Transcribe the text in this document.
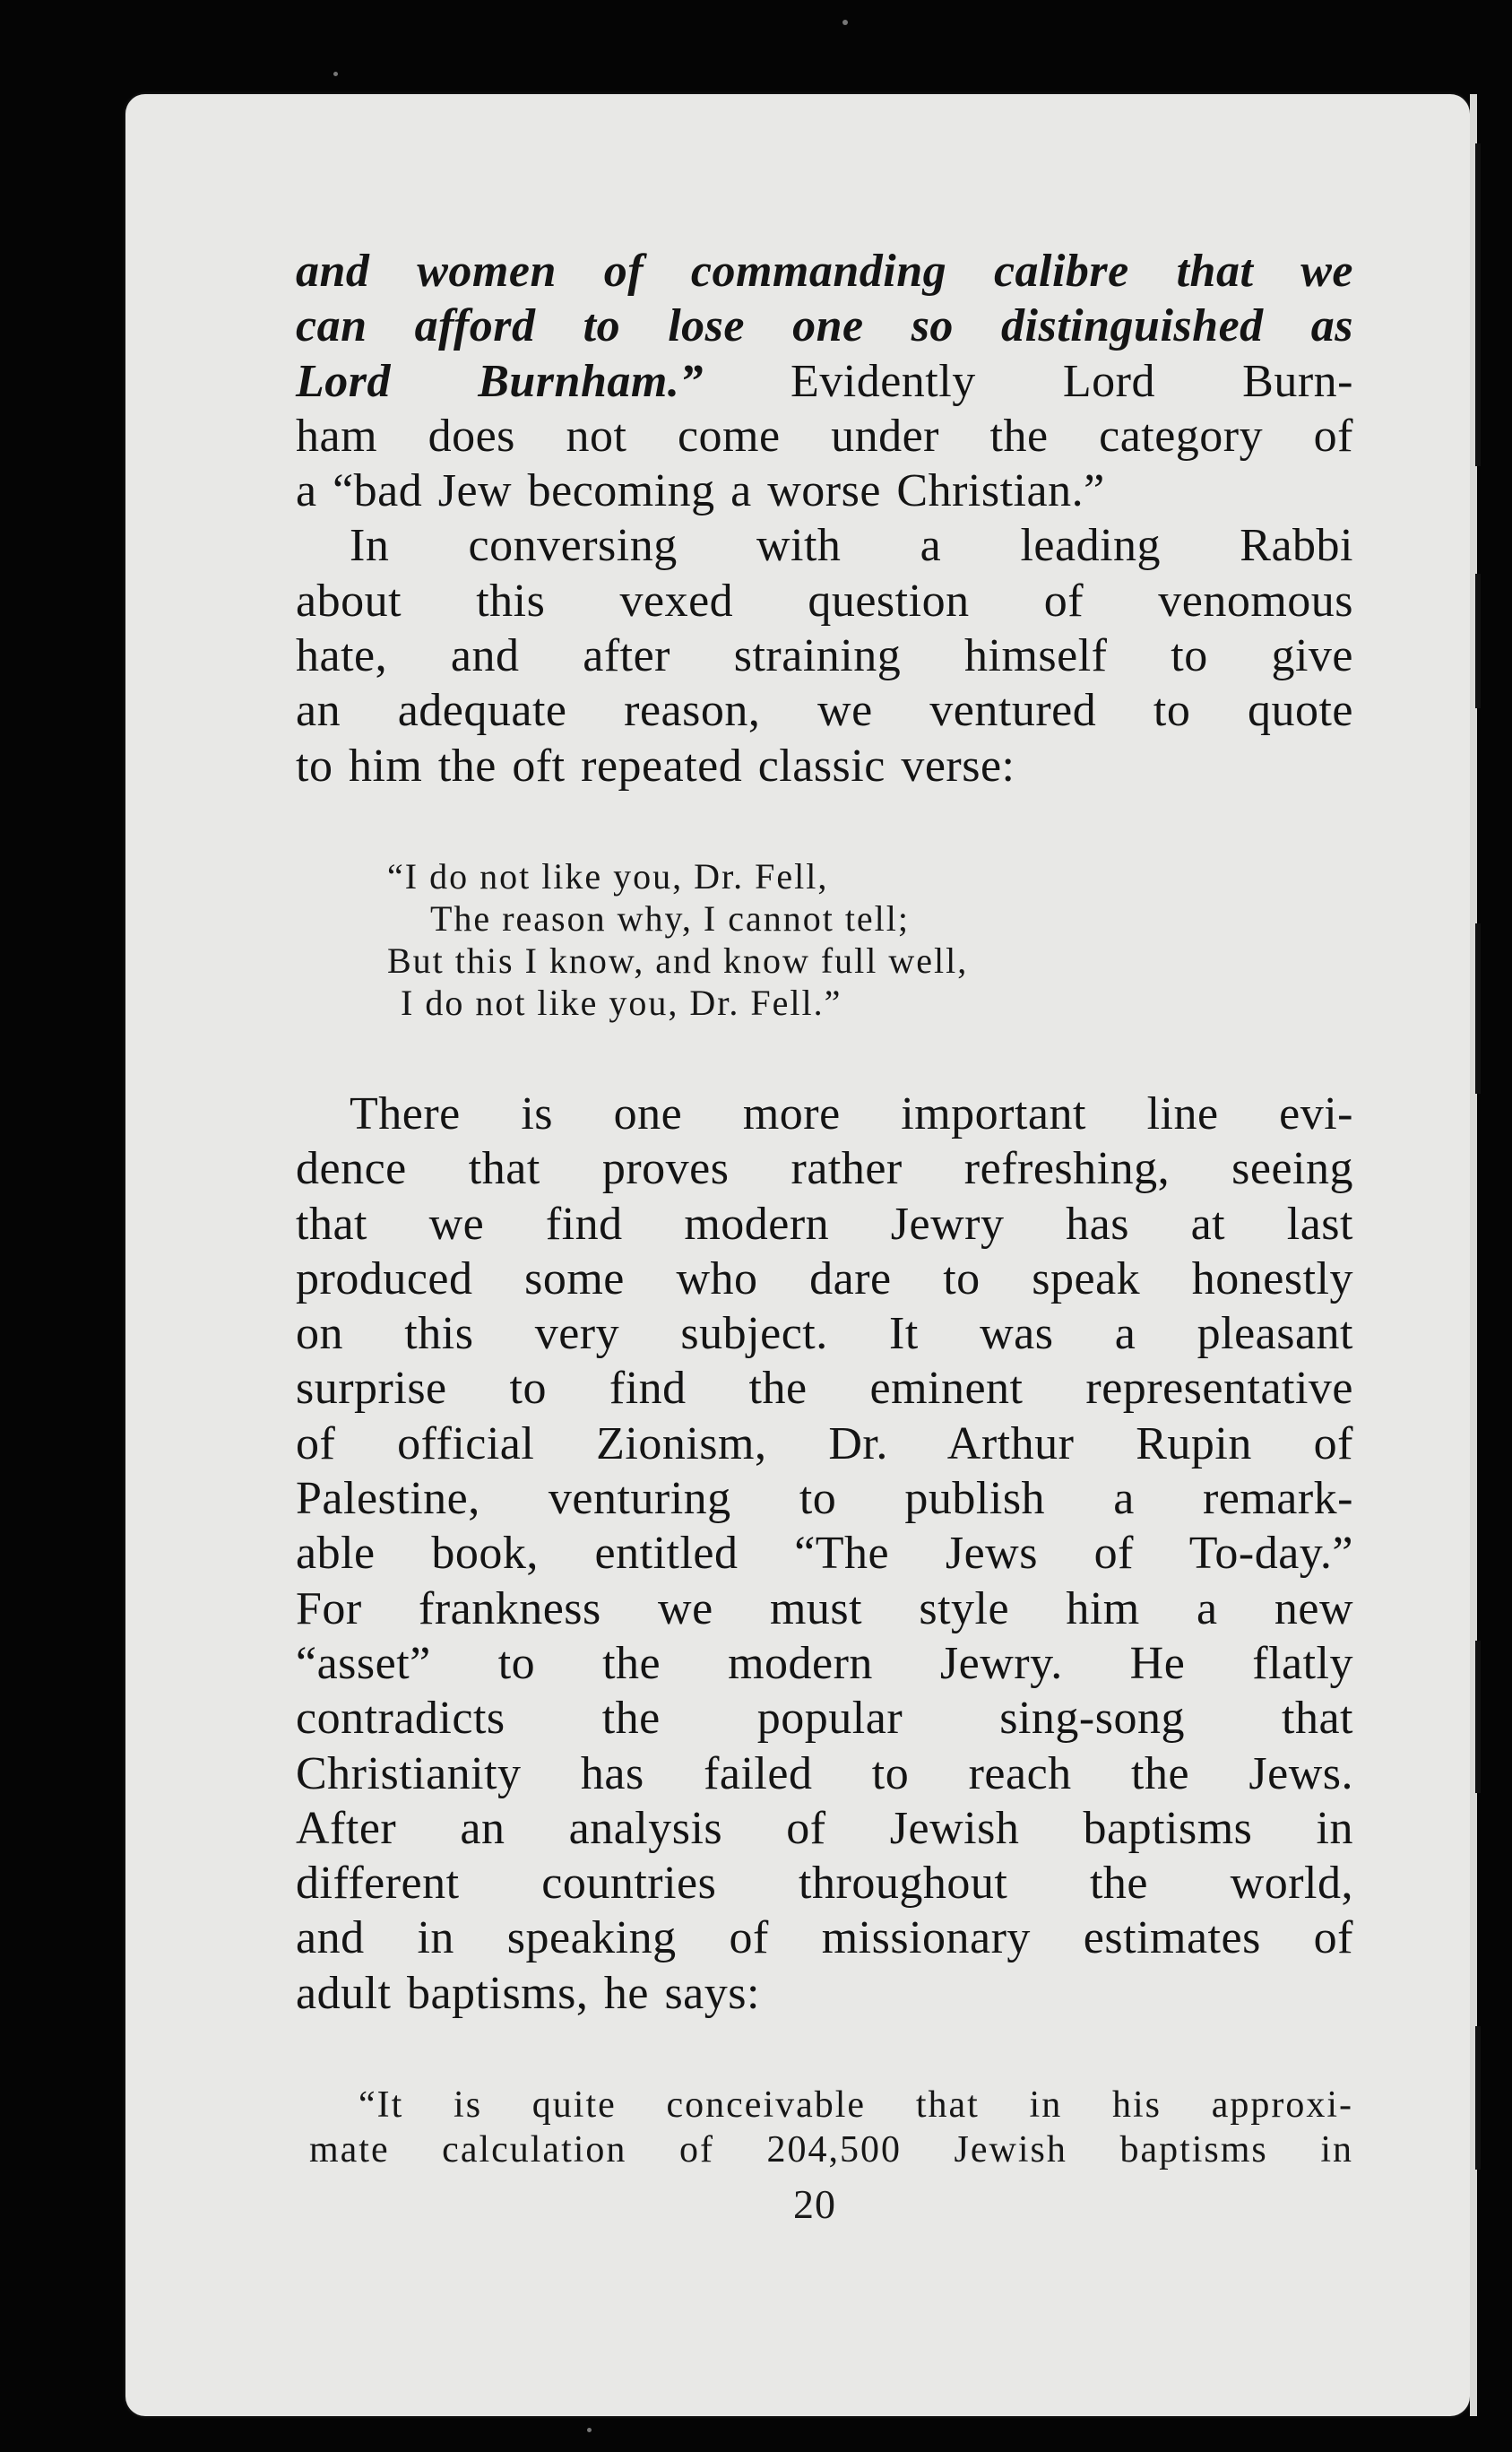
and women of commanding calibre that we
can afford to lose one so distinguished as
Lord Burnham.” Evidently Lord Burn-
ham does not come under the category of
a “bad Jew becoming a worse Christian.”
In conversing with a leading Rabbi
about this vexed question of venomous
hate, and after straining himself to give
an adequate reason, we ventured to quote
to him the oft repeated classic verse:
“I do not like you, Dr. Fell,
The reason why, I cannot tell;
But this I know, and know full well,
I do not like you, Dr. Fell.”
There is one more important line evi-
dence that proves rather refreshing, seeing
that we find modern Jewry has at last
produced some who dare to speak honestly
on this very subject. It was a pleasant
surprise to find the eminent representative
of official Zionism, Dr. Arthur Rupin of
Palestine, venturing to publish a remark-
able book, entitled “The Jews of To-day.”
For frankness we must style him a new
“asset” to the modern Jewry. He flatly
contradicts the popular sing-song that
Christianity has failed to reach the Jews.
After an analysis of Jewish baptisms in
different countries throughout the world,
and in speaking of missionary estimates of
adult baptisms, he says:
“It is quite conceivable that in his approxi-
mate calculation of 204,500 Jewish baptisms in
20
